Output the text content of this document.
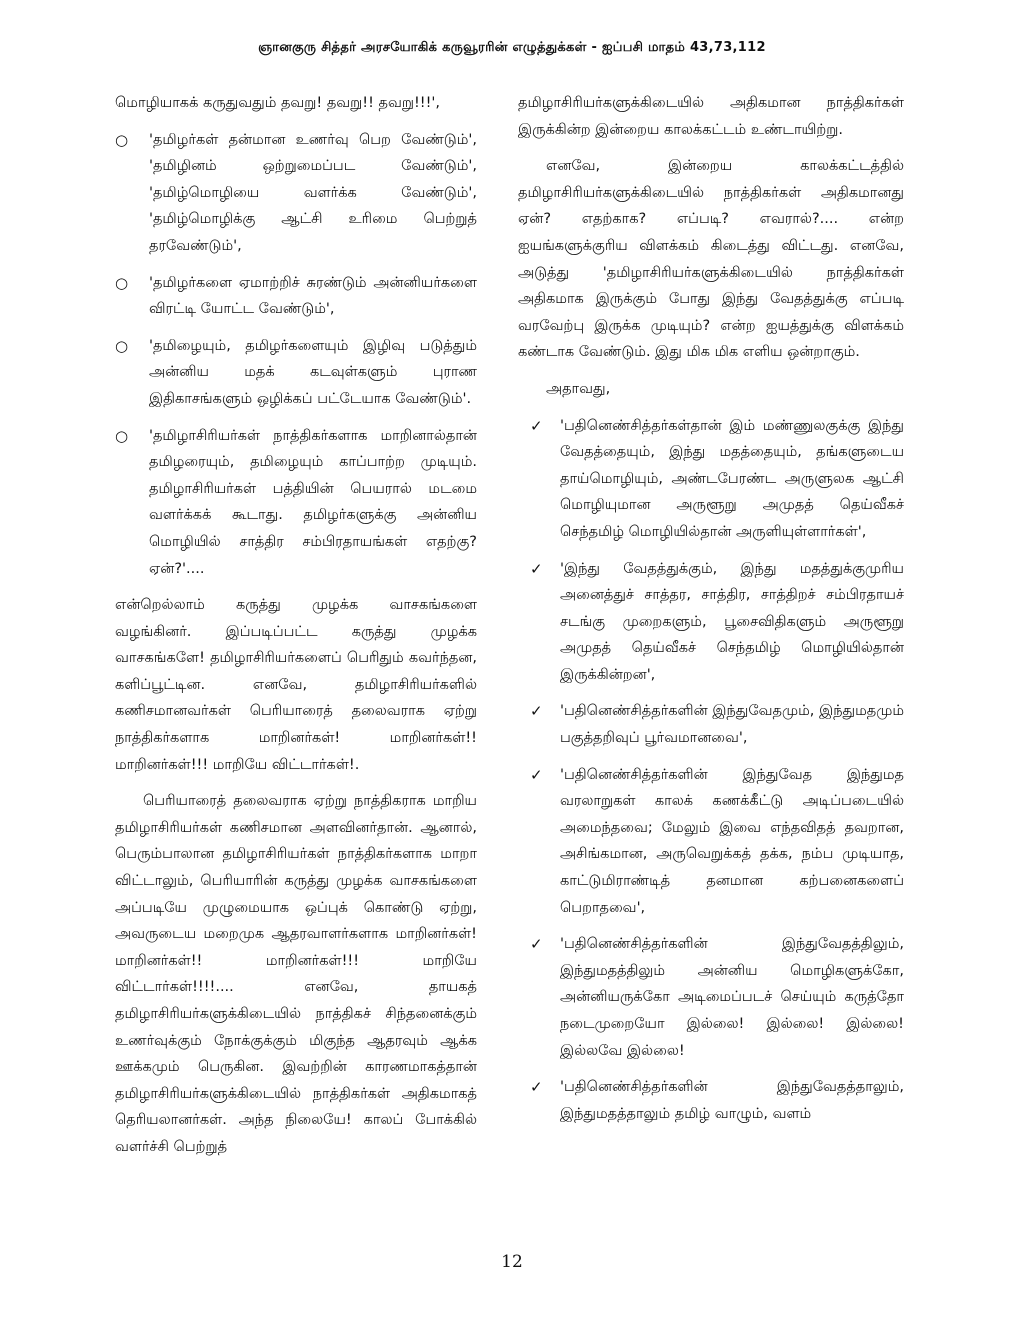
ஞானகுரு சித்தர் அரசயோகிக் கருவூரரின் எழுத்துக்கள் - ஐப்பசி மாதம் 43,73,112

மொழியாகக் கருதுவதும் தவறு! தவறு!! தவறு!!!',

○	'தமிழர்கள் தன்மான உணர்வு பெற வேண்டும்', 'தமிழினம் ஒற்றுமைப்பட வேண்டும்', 'தமிழ்மொழியை வளர்க்க வேண்டும்', 'தமிழ்மொழிக்கு ஆட்சி உரிமை பெற்றுத் தரவேண்டும்',
○	'தமிழர்களை ஏமாற்றிச் சுரண்டும் அன்னியர்களை விரட்டி யோட்ட வேண்டும்',
○	'தமிழையும், தமிழர்களையும் இழிவு படுத்தும் அன்னிய மதக் கடவுள்களும் புராண இதிகாசங்களும் ஒழிக்கப் பட்டேயாக வேண்டும்'.
○	'தமிழாசிரியர்கள் நாத்திகர்களாக மாறினால்தான் தமிழரையும், தமிழையும் காப்பாற்ற முடியும். தமிழாசிரியர்கள் பத்தியின் பெயரால் மடமை வளர்க்கக் கூடாது. தமிழர்களுக்கு அன்னிய மொழியில் சாத்திர சம்பிரதாயங்கள் எதற்கு? ஏன்?'....

என்றெல்லாம் கருத்து முழக்க வாசகங்களை வழங்கினர். இப்படிப்பட்ட கருத்து முழக்க வாசகங்களே! தமிழாசிரியர்களைப் பெரிதும் கவர்ந்தன, களிப்பூட்டின. எனவே, தமிழாசிரியர்களில் கணிசமானவர்கள் பெரியாரைத் தலைவராக ஏற்று நாத்திகர்களாக மாறினர்கள்! மாறினர்கள்!! மாறினர்கள்!!! மாறியே விட்டார்கள்!.

பெரியாரைத் தலைவராக ஏற்று நாத்திகராக மாறிய தமிழாசிரியர்கள் கணிசமான அளவினர்தான். ஆனால், பெரும்பாலான தமிழாசிரியர்கள் நாத்திகர்களாக மாறா விட்டாலும், பெரியாரின் கருத்து முழக்க வாசகங்களை அப்படியே முழுமையாக ஒப்புக் கொண்டு ஏற்று, அவருடைய மறைமுக ஆதரவாளர்களாக மாறினர்கள்! மாறினர்கள்!! மாறினர்கள்!!! மாறியே விட்டார்கள்!!!!.... எனவே, தாயகத் தமிழாசிரியர்களுக்கிடையில் நாத்திகச் சிந்தனைக்கும் உணர்வுக்கும் நோக்குக்கும் மிகுந்த ஆதரவும் ஆக்க ஊக்கமும் பெருகின. இவற்றின் காரணமாகத்தான் தமிழாசிரியர்களுக்கிடையில் நாத்திகர்கள் அதிகமாகத் தெரியலானர்கள். அந்த நிலையே! காலப் போக்கில் வளர்ச்சி பெற்றுத்

தமிழாசிரியர்களுக்கிடையில் அதிகமான நாத்திகர்கள் இருக்கின்ற இன்றைய காலக்கட்டம் உண்டாயிற்று.

எனவே, இன்றைய காலக்கட்டத்தில் தமிழாசிரியர்களுக்கிடையில் நாத்திகர்கள் அதிகமானது ஏன்? எதற்காக? எப்படி? எவரால்?.... என்ற ஐயங்களுக்குரிய விளக்கம் கிடைத்து விட்டது. எனவே, அடுத்து 'தமிழாசிரியர்களுக்கிடையில் நாத்திகர்கள் அதிகமாக இருக்கும் போது இந்து வேதத்துக்கு எப்படி வரவேற்பு இருக்க முடியும்? என்ற ஐயத்துக்கு விளக்கம் கண்டாக வேண்டும். இது மிக மிக எளிய ஒன்றாகும்.

அதாவது,

✓	'பதினெண்சித்தர்கள்தான் இம் மண்ணுலகுக்கு இந்து வேதத்தையும், இந்து மதத்தையும், தங்களுடைய தாய்மொழியும், அண்டபேரண்ட அருளுலக ஆட்சி மொழியுமான அருளூறு அமுதத் தெய்வீகச் செந்தமிழ் மொழியில்தான் அருளியுள்ளார்கள்',
✓	'இந்து வேதத்துக்கும், இந்து மதத்துக்குமுரிய அனைத்துச் சாத்தர, சாத்திர, சாத்திறச் சம்பிரதாயச் சடங்கு முறைகளும், பூசைவிதிகளும் அருளூறு அமுதத் தெய்வீகச் செந்தமிழ் மொழியில்தான் இருக்கின்றன',
✓	'பதினெண்சித்தர்களின் இந்துவேதமும், இந்துமதமும் பகுத்தறிவுப் பூர்வமானவை',
✓	'பதினெண்சித்தர்களின் இந்துவேத இந்துமத வரலாறுகள் காலக் கணக்கீட்டு அடிப்படையில் அமைந்தவை; மேலும் இவை எந்தவிதத் தவறான, அசிங்கமான, அருவெறுக்கத் தக்க, நம்ப முடியாத, காட்டுமிராண்டித் தனமான கற்பனைகளைப் பெறாதவை',
✓	'பதினெண்சித்தர்களின் இந்துவேதத்திலும், இந்துமதத்திலும் அன்னிய மொழிகளுக்கோ, அன்னியருக்கோ அடிமைப்படச் செய்யும் கருத்தோ நடைமுறையோ இல்லை! இல்லை! இல்லை! இல்லவே இல்லை!
✓	'பதினெண்சித்தர்களின் இந்துவேதத்தாலும், இந்துமதத்தாலும் தமிழ் வாழும், வளம்
12
